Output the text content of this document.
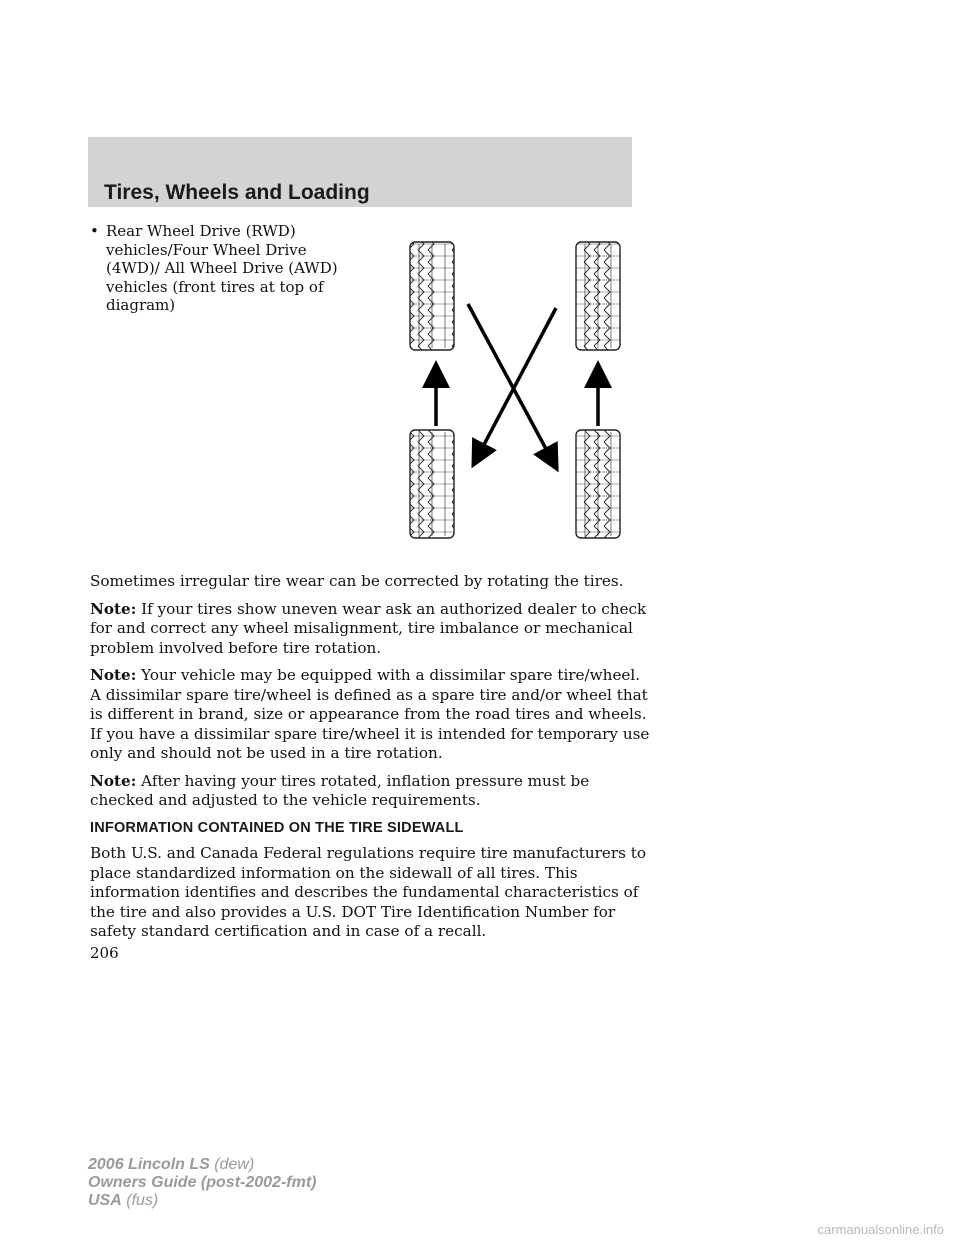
Tires, Wheels and Loading
• Rear Wheel Drive (RWD)
vehicles/Four Wheel Drive
(4WD)/ All Wheel Drive (AWD)
vehicles (front tires at top of
diagram)

Sometimes irregular tire wear can be corrected by rotating the tires.

Note: If your tires show uneven wear ask an authorized dealer to check for and correct any wheel misalignment, tire imbalance or mechanical problem involved before tire rotation.

Note: Your vehicle may be equipped with a dissimilar spare tire/wheel. A dissimilar spare tire/wheel is defined as a spare tire and/or wheel that is different in brand, size or appearance from the road tires and wheels. If you have a dissimilar spare tire/wheel it is intended for temporary use only and should not be used in a tire rotation.

Note: After having your tires rotated, inflation pressure must be checked and adjusted to the vehicle requirements.

INFORMATION CONTAINED ON THE TIRE SIDEWALL

Both U.S. and Canada Federal regulations require tire manufacturers to place standardized information on the sidewall of all tires. This information identifies and describes the fundamental characteristics of the tire and also provides a U.S. DOT Tire Identification Number for safety standard certification and in case of a recall.

206
2006 Lincoln LS (dew)
Owners Guide (post-2002-fmt)
USA (fus)
carmanualsonline.info
